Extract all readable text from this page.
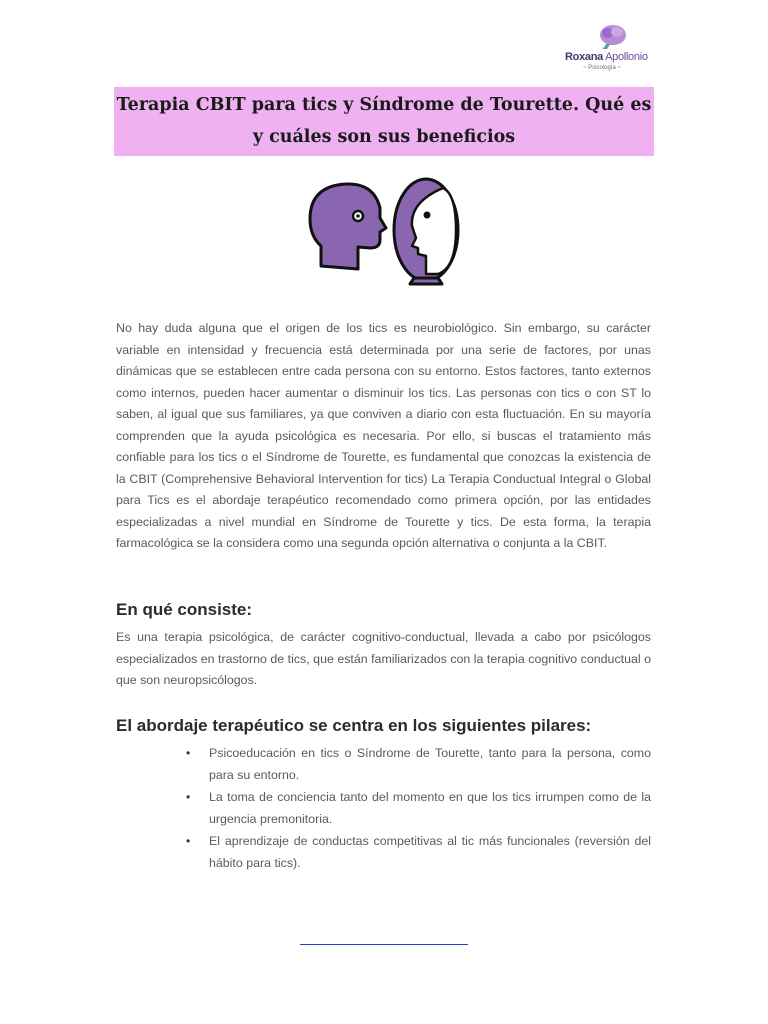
Roxana Apollonio
~ Psicología ~
Terapia CBIT para tics y Síndrome de Tourette. Qué es y cuáles son sus beneficios

No hay duda alguna que el origen de los tics es neurobiológico. Sin embargo, su carácter variable en intensidad y frecuencia está determinada por una serie de factores, por unas dinámicas que se establecen entre cada persona con su entorno. Estos factores, tanto externos como internos, pueden hacer aumentar o disminuir los tics. Las personas con tics o con ST lo saben, al igual que sus familiares, ya que conviven a diario con esta fluctuación. En su mayoría comprenden que la ayuda psicológica es necesaria. Por ello, si buscas el tratamiento más confiable para los tics o el Síndrome de Tourette, es fundamental que conozcas la existencia de la CBIT (Comprehensive Behavioral Intervention for tics) La Terapia Conductual Integral o Global para Tics es el abordaje terapéutico recomendado como primera opción, por las entidades especializadas a nivel mundial en Síndrome de Tourette y tics. De esta forma, la terapia farmacológica se la considera como una segunda opción alternativa o conjunta a la CBIT.

En qué consiste:

Es una terapia psicológica, de carácter cognitivo-conductual, llevada a cabo por psicólogos especializados en trastorno de tics, que están familiarizados con la terapia cognitivo conductual o que son neuropsicólogos.

El abordaje terapéutico se centra en los siguientes pilares:
• Psicoeducación en tics o Síndrome de Tourette, tanto para la persona, como para su entorno.
• La toma de conciencia tanto del momento en que los tics irrumpen como de la urgencia premonitoria.
• El aprendizaje de conductas competitivas al tic más funcionales (reversión del hábito para tics).
